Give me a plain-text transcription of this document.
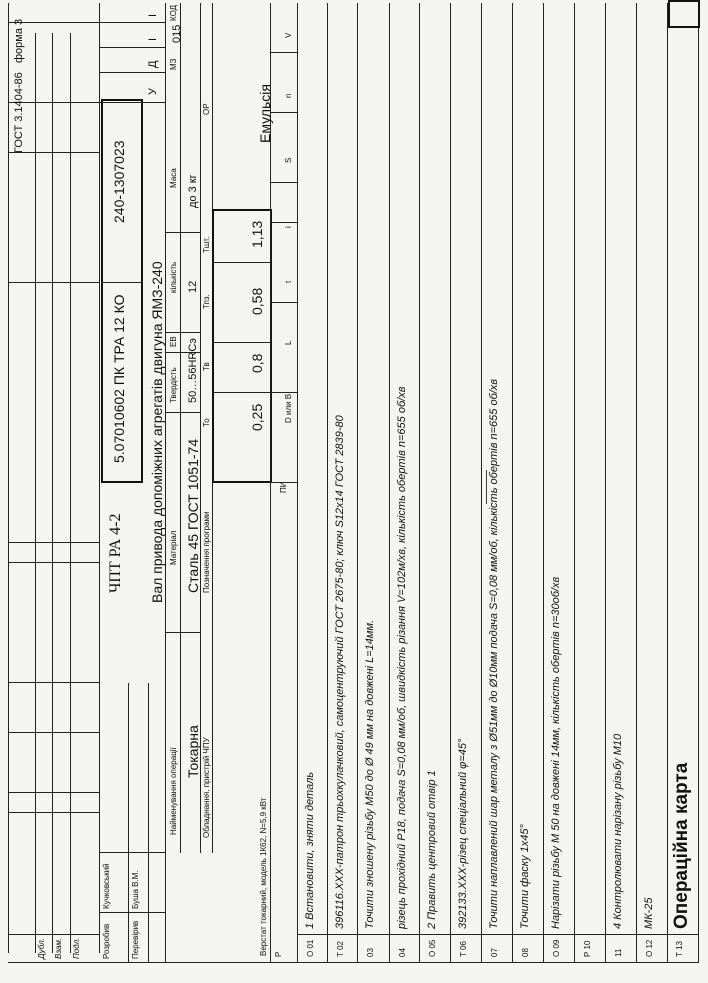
Дубл. Взам. Подл.	Розробив
Кучковський
Перевірив
Буша В.М.
ЧПТ РА 4-2
5.07010602 ПК ТРА 12 КО
240-1307023
У
Д
І
І
015
МЗ
КОД
Вал привода допоміжних агрегатів двигуна ЯМЗ-240
Найменування операції
Матеріал
Твердість
ЕВ
кількість
Маса
Токарна
Сталь 45 ГОСТ 1051-74
50…56HRCэ
12
до 3 кг
Обладнання, пристрій ЧПУ
Позначення програми
То
Тв
Тпз.
Тшт.
ОР
0,25
0,8
0,58
1,13
Емульсія
Верстат токарний, модель 1К62, N=5,9 кВт Р
ПИ
D или B
L
t
i
S
n
V
ГОСТ 3.1404-86
форма 3
О 01
1 Встановити, зняти деталь
Т 02
396116.XXX-патрон трьохкулачковий, самоцентруючий ГОСТ 2675-80; ключ S12x14 ГОСТ 2839-80
03
Точити зношену різьбу М50 до Ø 49 мм на довжені L=14мм.
04
різець прохідний Р18, подача S=0,08 мм/об, швидкість різання V=102м/хв, кількість обертів n=655 об/хв
О 05
2 Править центровий отвір 1
Т 06
392133.XXX-різец спеціальний φ=45°
07
Точити наплавлений шар металу з Ø51мм до Ø10мм подача S=0,08 мм/об, кількість обертів n=655 об/хв
08
Точити фаску 1х45°
О 09
Нарізати різьбу М 50 на довжені 14мм, кількість обертів n=30об/хв
Р 10	11
4 Контролювати нарізану різьбу М10
О 12
МК-25
Т 13
Операційна карта
